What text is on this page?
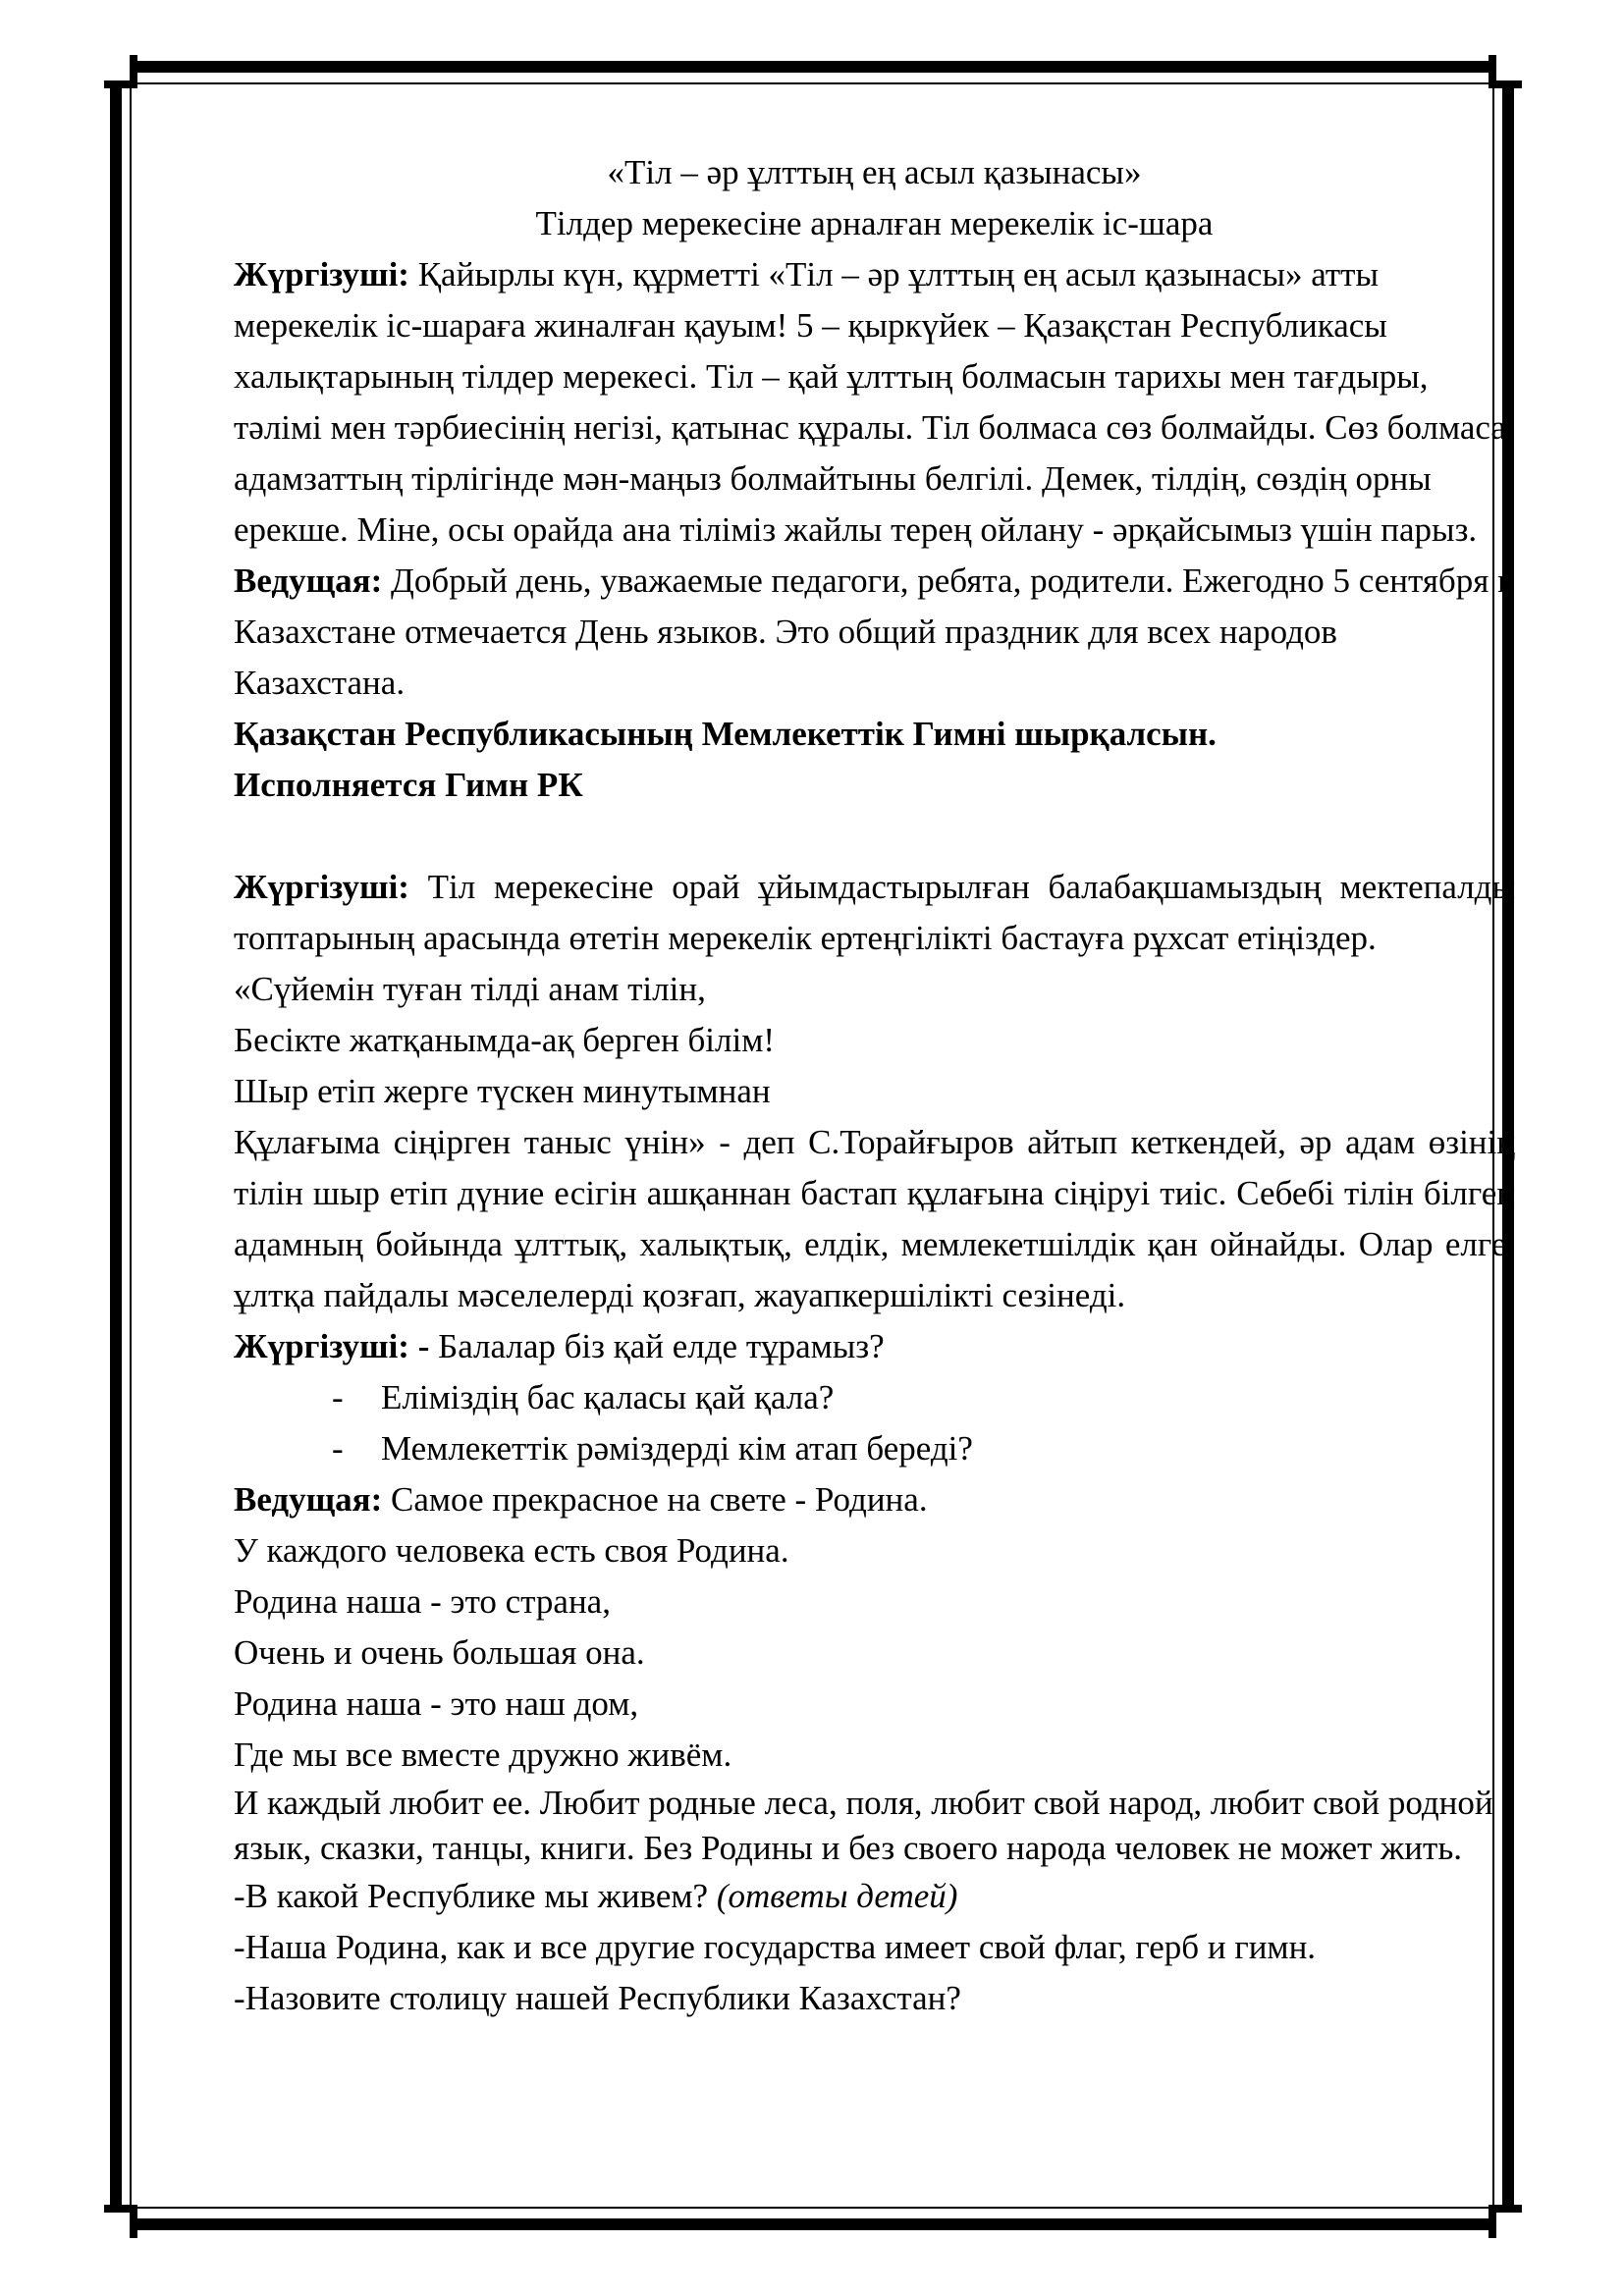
«Тіл – әр ұлттың ең асыл қазынасы»

Тілдер мерекесіне арналған мерекелік іс-шара

Жүргізуші: Қайырлы күн, құрметті «Тіл – әр ұлттың ең асыл қазынасы» атты мерекелік іс-шараға жиналған қауым! 5 – қыркүйек – Қазақстан Республикасы халықтарының тілдер мерекесі. Тіл – қай ұлттың болмасын тарихы мен тағдыры, тәлімі мен тәрбиесінің негізі, қатынас құралы. Тіл болмаса сөз болмайды. Сөз болмаса адамзаттың тірлігінде мән-маңыз болмайтыны белгілі. Демек, тілдің, сөздің орны ерекше. Міне, осы орайда ана тіліміз жайлы терең ойлану - әрқайсымыз үшін парыз.

Ведущая: Добрый день, уважаемые педагоги, ребята, родители. Ежегодно 5 сентября в Казахстане отмечается День языков. Это общий праздник для всех народов Казахстана.

Қазақстан Республикасының Мемлекеттік Гимні шырқалсын.

Исполняется Гимн РК

Жүргізуші: Тіл мерекесіне орай ұйымдастырылған балабақшамыздың мектепалды топтарының арасында өтетін мерекелік ертеңгілікті бастауға рұхсат етіңіздер.

«Сүйемін туған тілді анам тілін,

Бесікте жатқанымда-ақ берген білім!

Шыр етіп жерге түскен минутымнан

Құлағыма сіңірген таныс үнін» - деп С.Торайғыров айтып кеткендей, әр адам өзінің тілін шыр етіп дүние есігін ашқаннан бастап құлағына сіңіруі тиіс. Себебі тілін білген адамның бойында ұлттық, халықтық, елдік, мемлекетшілдік қан ойнайды. Олар елге, ұлтқа пайдалы мәселелерді қозғап, жауапкершілікті сезінеді.

Жүргізуші: - Балалар біз қай елде тұрамыз?

- Еліміздің бас қаласы қай қала?
- Мемлекеттік рәміздерді кім атап береді?

Ведущая: Самое прекрасное на свете - Родина.

У каждого человека есть своя Родина.

Родина наша - это страна,

Очень и очень большая она.

Родина наша - это наш дом,

Где мы все вместе дружно живём.

И каждый любит ее. Любит родные леса, поля, любит свой народ, любит свой родной язык, сказки, танцы, книги. Без Родины и без своего народа человек не может жить.

-В какой Республике мы живем? (ответы детей)

-Наша Родина, как и все другие государства имеет свой флаг, герб и гимн.

-Назовите столицу нашей Республики Казахстан?
